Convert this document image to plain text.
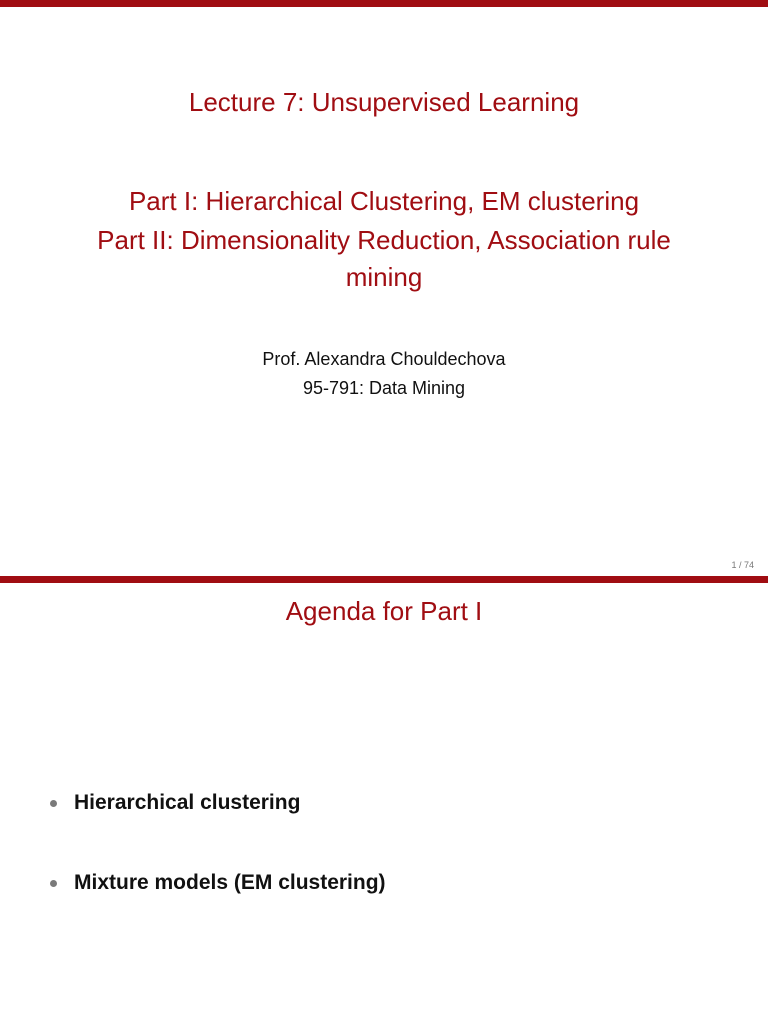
Lecture 7: Unsupervised Learning
Part I: Hierarchical Clustering, EM clustering
Part II: Dimensionality Reduction, Association rule
mining
Prof. Alexandra Chouldechova
95-791: Data Mining
1 / 74
Agenda for Part I
Hierarchical clustering
Mixture models (EM clustering)
